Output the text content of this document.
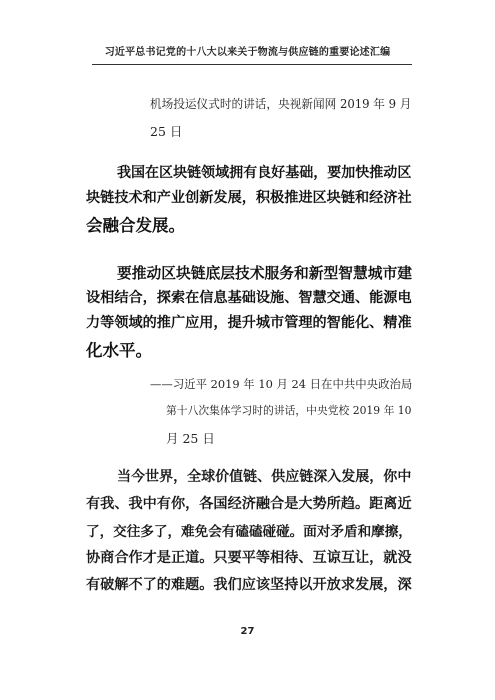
习近平总书记党的十八大以来关于物流与供应链的重要论述汇编
机场投运仪式时的讲话，央视新闻网 2019 年 9 月
25 日
我国在区块链领域拥有良好基础，要加快推动区
块链技术和产业创新发展，积极推进区块链和经济社
会融合发展。
要推动区块链底层技术服务和新型智慧城市建
设相结合，探索在信息基础设施、智慧交通、能源电
力等领域的推广应用，提升城市管理的智能化、精准
化水平。
——习近平 2019 年 10 月 24 日在中共中央政治局
第十八次集体学习时的讲话，中央党校 2019 年 10
月 25 日
当今世界，全球价值链、供应链深入发展，你中
有我、我中有你，各国经济融合是大势所趋。距离近
了，交往多了，难免会有磕磕碰碰。面对矛盾和摩擦，
协商合作才是正道。只要平等相待、互谅互让，就没
有破解不了的难题。我们应该坚持以开放求发展，深
27
